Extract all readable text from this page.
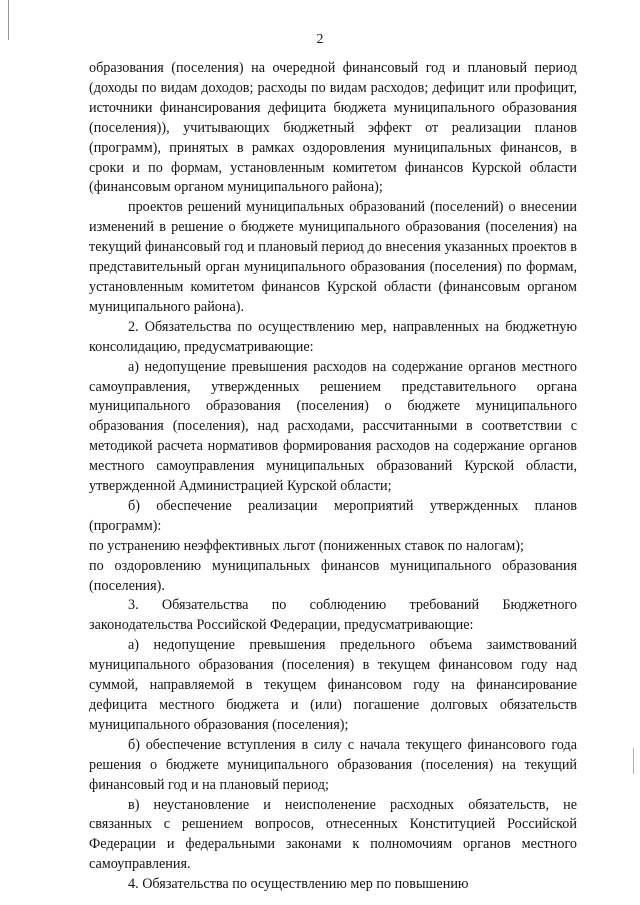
2

образования (поселения) на очередной финансовый год и плановый период (доходы по видам доходов; расходы по видам расходов; дефицит или профицит, источники финансирования дефицита бюджета муниципального образования (поселения)), учитывающих бюджетный эффект от реализации планов (программ), принятых в рамках оздоровления муниципальных финансов, в сроки и по формам, установленным комитетом финансов Курской области (финансовым органом муниципального района);

проектов решений муниципальных образований (поселений) о внесении изменений в решение о бюджете муниципального образования (поселения) на текущий финансовый год и плановый период до внесения указанных проектов в представительный орган муниципального образования (поселения) по формам, установленным комитетом финансов Курской области (финансовым органом муниципального района).

2. Обязательства по осуществлению мер, направленных на бюджетную консолидацию, предусматривающие:

а) недопущение превышения расходов на содержание органов местного самоуправления, утвержденных решением представительного органа муниципального образования (поселения) о бюджете муниципального образования (поселения), над расходами, рассчитанными в соответствии с методикой расчета нормативов формирования расходов на содержание органов местного самоуправления муниципальных образований Курской области, утвержденной Администрацией Курской области;

б) обеспечение реализации мероприятий утвержденных планов (программ):

по устранению неэффективных льгот (пониженных ставок по налогам);

по оздоровлению муниципальных финансов муниципального образования (поселения).

3. Обязательства по соблюдению требований Бюджетного законодательства Российской Федерации, предусматривающие:

а) недопущение превышения предельного объема заимствований муниципального образования (поселения) в текущем финансовом году над суммой, направляемой в текущем финансовом году на финансирование дефицита местного бюджета и (или) погашение долговых обязательств муниципального образования (поселения);

б) обеспечение вступления в силу с начала текущего финансового года решения о бюджете муниципального образования (поселения) на текущий финансовый год и на плановый период;

в) неустановление и неисполенение расходных обязательств, не связанных с решением вопросов, отнесенных Конституцией Российской Федерации и федеральными законами к полномочиям органов местного самоуправления.

4. Обязательства по осуществлению мер по повышению
